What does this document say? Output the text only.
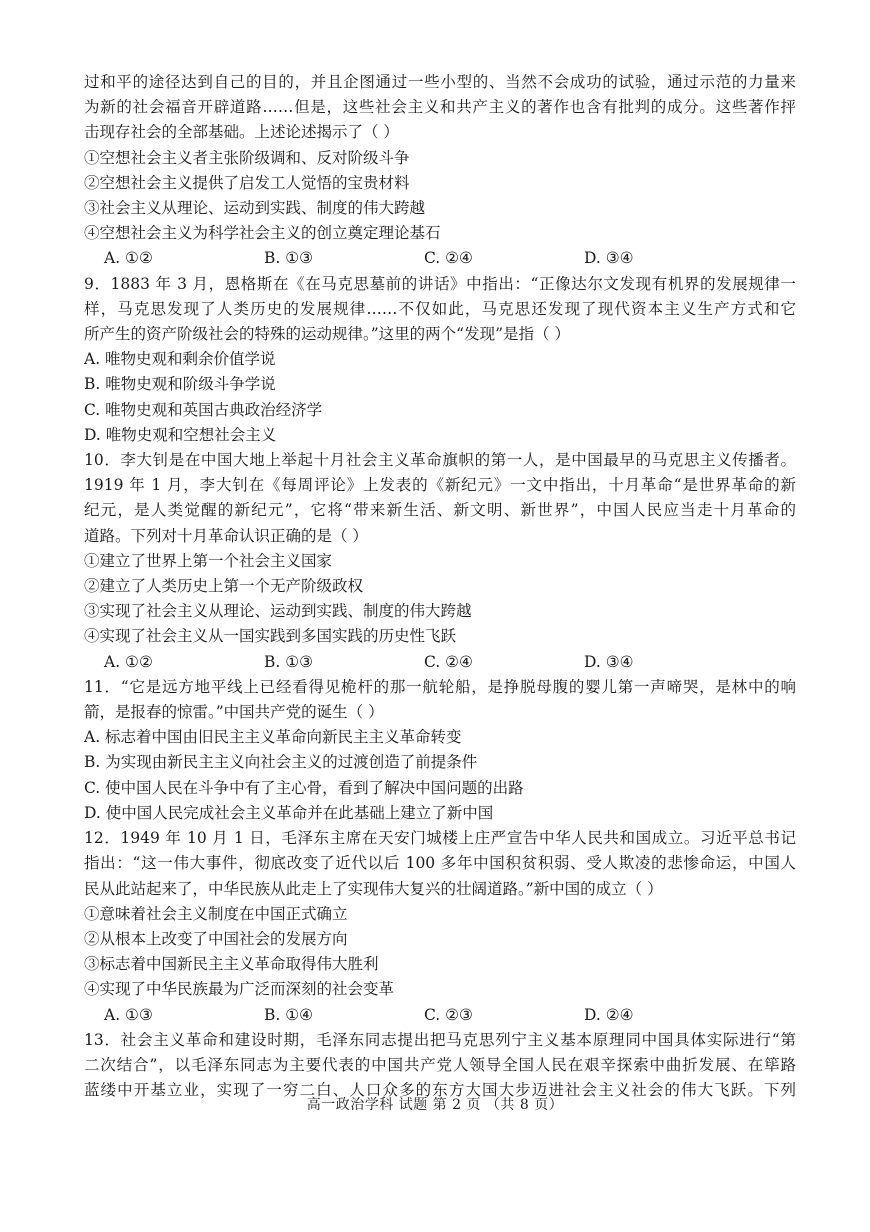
过和平的途径达到自己的目的，并且企图通过一些小型的、当然不会成功的试验，通过示范的力量来
为新的社会福音开辟道路……但是，这些社会主义和共产主义的著作也含有批判的成分。这些著作抨
击现存社会的全部基础。上述论述揭示了（ ）
①空想社会主义者主张阶级调和、反对阶级斗争
②空想社会主义提供了启发工人觉悟的宝贵材料
③社会主义从理论、运动到实践、制度的伟大跨越
④空想社会主义为科学社会主义的创立奠定理论基石
A. ①②	B. ①③	C. ②④	D. ③④
9．1883 年 3 月，恩格斯在《在马克思墓前的讲话》中指出：“正像达尔文发现有机界的发展规律一
样，马克思发现了人类历史的发展规律……不仅如此，马克思还发现了现代资本主义生产方式和它
所产生的资产阶级社会的特殊的运动规律。”这里的两个“发现”是指（ ）
A. 唯物史观和剩余价值学说
B. 唯物史观和阶级斗争学说
C. 唯物史观和英国古典政治经济学
D. 唯物史观和空想社会主义
10．李大钊是在中国大地上举起十月社会主义革命旗帜的第一人，是中国最早的马克思主义传播者。
1919 年 1 月，李大钊在《每周评论》上发表的《新纪元》一文中指出，十月革命“是世界革命的新
纪元，是人类觉醒的新纪元”，它将“带来新生活、新文明、新世界”，中国人民应当走十月革命的
道路。下列对十月革命认识正确的是（ ）
①建立了世界上第一个社会主义国家
②建立了人类历史上第一个无产阶级政权
③实现了社会主义从理论、运动到实践、制度的伟大跨越
④实现了社会主义从一国实践到多国实践的历史性飞跃
A. ①②	B. ①③	C. ②④	D. ③④
11．“它是远方地平线上已经看得见桅杆的那一航轮船，是挣脱母腹的婴儿第一声啼哭，是林中的响
箭，是报春的惊雷。”中国共产党的诞生（ ）
A. 标志着中国由旧民主主义革命向新民主主义革命转变
B. 为实现由新民主主义向社会主义的过渡创造了前提条件
C. 使中国人民在斗争中有了主心骨，看到了解决中国问题的出路
D. 使中国人民完成社会主义革命并在此基础上建立了新中国
12．1949 年 10 月 1 日，毛泽东主席在天安门城楼上庄严宣告中华人民共和国成立。习近平总书记
指出：“这一伟大事件，彻底改变了近代以后 100 多年中国积贫积弱、受人欺凌的悲惨命运，中国人
民从此站起来了，中华民族从此走上了实现伟大复兴的壮阔道路。”新中国的成立（ ）
①意味着社会主义制度在中国正式确立
②从根本上改变了中国社会的发展方向
③标志着中国新民主主义革命取得伟大胜利
④实现了中华民族最为广泛而深刻的社会变革
A. ①③	B. ①④	C. ②③	D. ②④
13．社会主义革命和建设时期，毛泽东同志提出把马克思列宁主义基本原理同中国具体实际进行“第
二次结合”，以毛泽东同志为主要代表的中国共产党人领导全国人民在艰辛探索中曲折发展、在筚路
蓝缕中开基立业，实现了一穷二白、人口众多的东方大国大步迈进社会主义社会的伟大飞跃。下列
高一政治学科 试题 第 2 页 （共 8 页）
